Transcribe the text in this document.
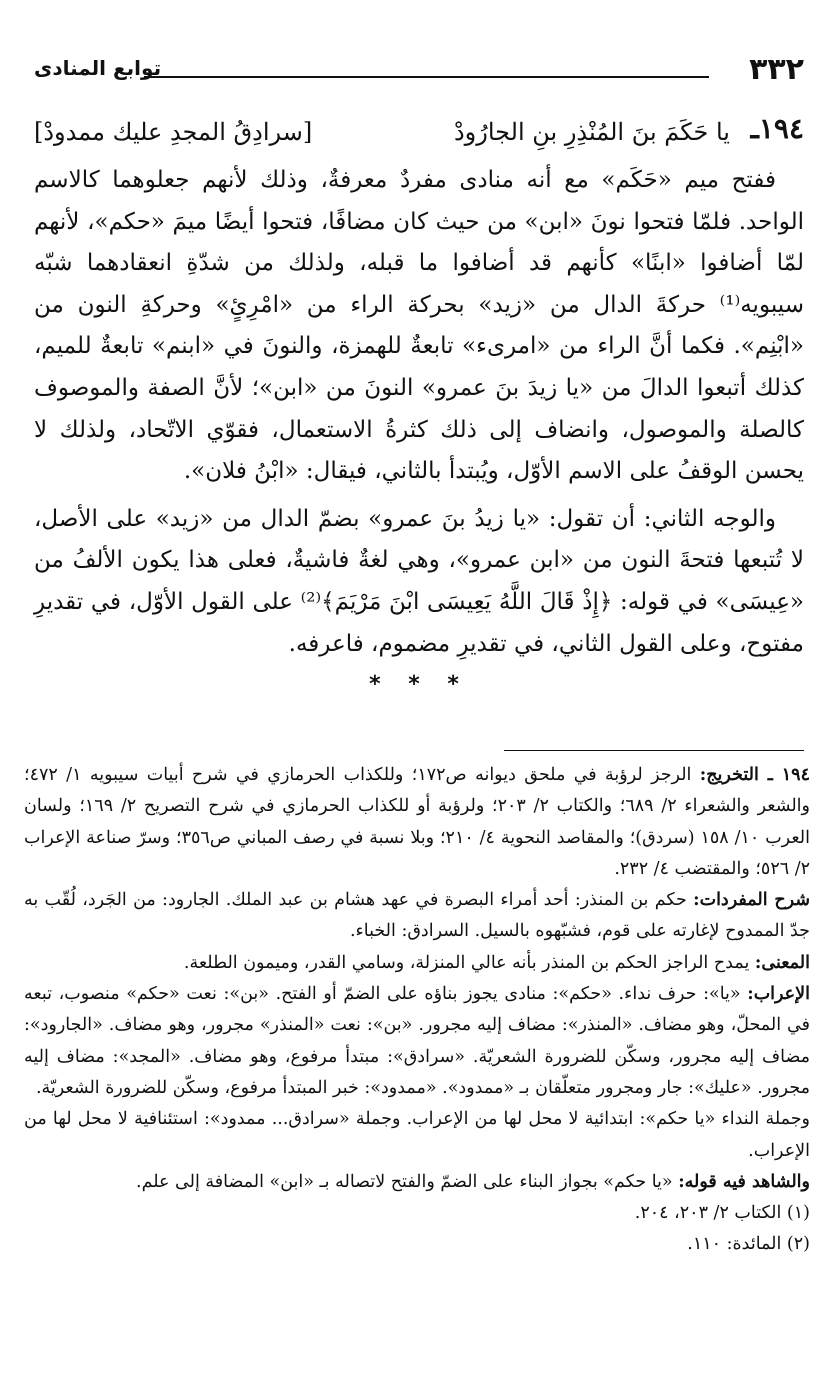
٣٣٢
توابع المنادى
١٩٤ـ
يا حَكَمَ بنَ المُنْذِرِ بنِ الجارُودْ
[سرادِقُ المجدِ عليك ممدودْ]

ففتح ميم «حَكَم» مع أنه منادى مفردٌ معرفةٌ، وذلك لأنهم جعلوهما كالاسم الواحد. فلمّا فتحوا نونَ «ابن» من حيث كان مضافًا، فتحوا أيضًا ميمَ «حكم»، لأنهم لمّا أضافوا «ابنًا» كأنهم قد أضافوا ما قبله، ولذلك من شدّةِ انعقادهما شبّه سيبويه⁽¹⁾ حركةَ الدال من «زيد» بحركة الراء من «امْرِئٍ» وحركةِ النون من «ابْنِم». فكما أنَّ الراء من «امرىء» تابعةٌ للهمزة، والنونَ في «ابنم» تابعةٌ للميم، كذلك أتبعوا الدالَ من «يا زيدَ بنَ عمرو» النونَ من «ابن»؛ لأنَّ الصفة والموصوف كالصلة والموصول، وانضاف إلى ذلك كثرةُ الاستعمال، فقوّي الاتّحاد، ولذلك لا يحسن الوقفُ على الاسم الأوّل، ويُبتدأ بالثاني، فيقال: «ابْنُ فلان».

والوجه الثاني: أن تقول: «يا زيدُ بنَ عمرو» بضمّ الدال من «زيد» على الأصل، لا تُتبعها فتحةَ النون من «ابن عمرو»، وهي لغةٌ فاشيةٌ، فعلى هذا يكون الألفُ من «عِيسَى» في قوله: ﴿إِذْ قَالَ اللَّهُ يَعِيسَى ابْنَ مَرْيَمَ﴾⁽²⁾ على القول الأوّل، في تقديرِ مفتوح، وعلى القول الثاني، في تقديرِ مضموم، فاعرفه.

* * *

١٩٤ ـ التخريج: الرجز لرؤبة في ملحق ديوانه ص١٧٢؛ وللكذاب الحرمازي في شرح أبيات سيبويه ١/ ٤٧٢؛ والشعر والشعراء ٢/ ٦٨٩؛ والكتاب ٢/ ٢٠٣؛ ولرؤبة أو للكذاب الحرمازي في شرح التصريح ٢/ ١٦٩؛ ولسان العرب ١٠/ ١٥٨ (سردق)؛ والمقاصد النحوية ٤/ ٢١٠؛ وبلا نسبة في رصف المباني ص٣٥٦؛ وسرّ صناعة الإعراب ٢/ ٥٢٦؛ والمقتضب ٤/ ٢٣٢.

شرح المفردات: حكم بن المنذر: أحد أمراء البصرة في عهد هشام بن عبد الملك. الجارود: من الجَرد، لُقّب به جدّ الممدوح لإغارته على قوم، فشبّهوه بالسيل. السرادق: الخباء.

المعنى: يمدح الراجز الحكم بن المنذر بأنه عالي المنزلة، وسامي القدر، وميمون الطلعة.

الإعراب: «يا»: حرف نداء. «حكم»: منادى يجوز بناؤه على الضمّ أو الفتح. «بن»: نعت «حكم» منصوب، تبعه في المحلّ، وهو مضاف. «المنذر»: مضاف إليه مجرور. «بن»: نعت «المنذر» مجرور، وهو مضاف. «الجارود»: مضاف إليه مجرور، وسكّن للضرورة الشعريّة. «سرادق»: مبتدأ مرفوع، وهو مضاف. «المجد»: مضاف إليه مجرور. «عليك»: جار ومجرور متعلّقان بـ «ممدود». «ممدود»: خبر المبتدأ مرفوع، وسكّن للضرورة الشعريّة.

وجملة النداء «يا حكم»: ابتدائية لا محل لها من الإعراب. وجملة «سرادق... ممدود»: استئنافية لا محل لها من الإعراب.

والشاهد فيه قوله: «يا حكم» بجواز البناء على الضمّ والفتح لاتصاله بـ «ابن» المضافة إلى علم.

(١) الكتاب ٢/ ٢٠٣، ٢٠٤.

(٢) المائدة: ١١٠.
